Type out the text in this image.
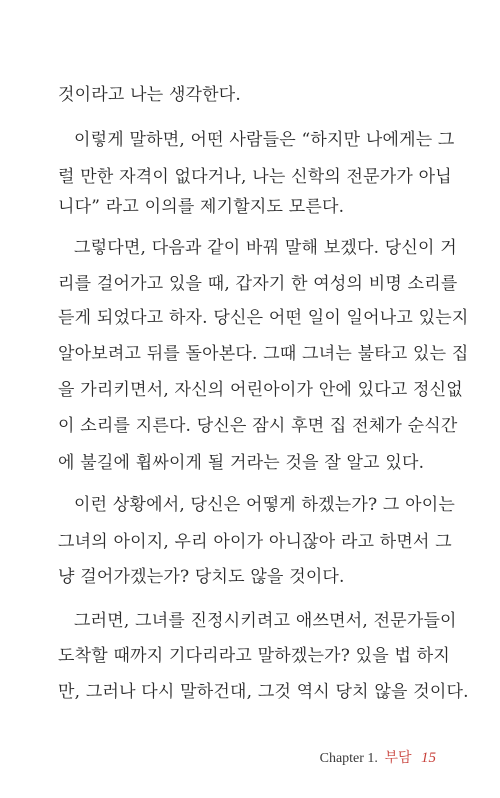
것이라고 나는 생각한다.
이렇게 말하면, 어떤 사람들은 “하지만 나에게는 그
럴 만한 자격이 없다거나, 나는 신학의 전문가가 아닙
니다” 라고 이의를 제기할지도 모른다.
그렇다면, 다음과 같이 바꿔 말해 보겠다. 당신이 거
리를 걸어가고 있을 때, 갑자기 한 여성의 비명 소리를
듣게 되었다고 하자. 당신은 어떤 일이 일어나고 있는지
알아보려고 뒤를 돌아본다. 그때 그녀는 불타고 있는 집
을 가리키면서, 자신의 어린아이가 안에 있다고 정신없
이 소리를 지른다. 당신은 잠시 후면 집 전체가 순식간
에 불길에 휩싸이게 될 거라는 것을 잘 알고 있다.
이런 상황에서, 당신은 어떻게 하겠는가? 그 아이는
그녀의 아이지, 우리 아이가 아니잖아 라고 하면서 그
냥 걸어가겠는가? 당치도 않을 것이다.
그러면, 그녀를 진정시키려고 애쓰면서, 전문가들이
도착할 때까지 기다리라고 말하겠는가? 있을 법 하지
만, 그러나 다시 말하건대, 그것 역시 당치 않을 것이다.
Chapter 1. 부담 15
